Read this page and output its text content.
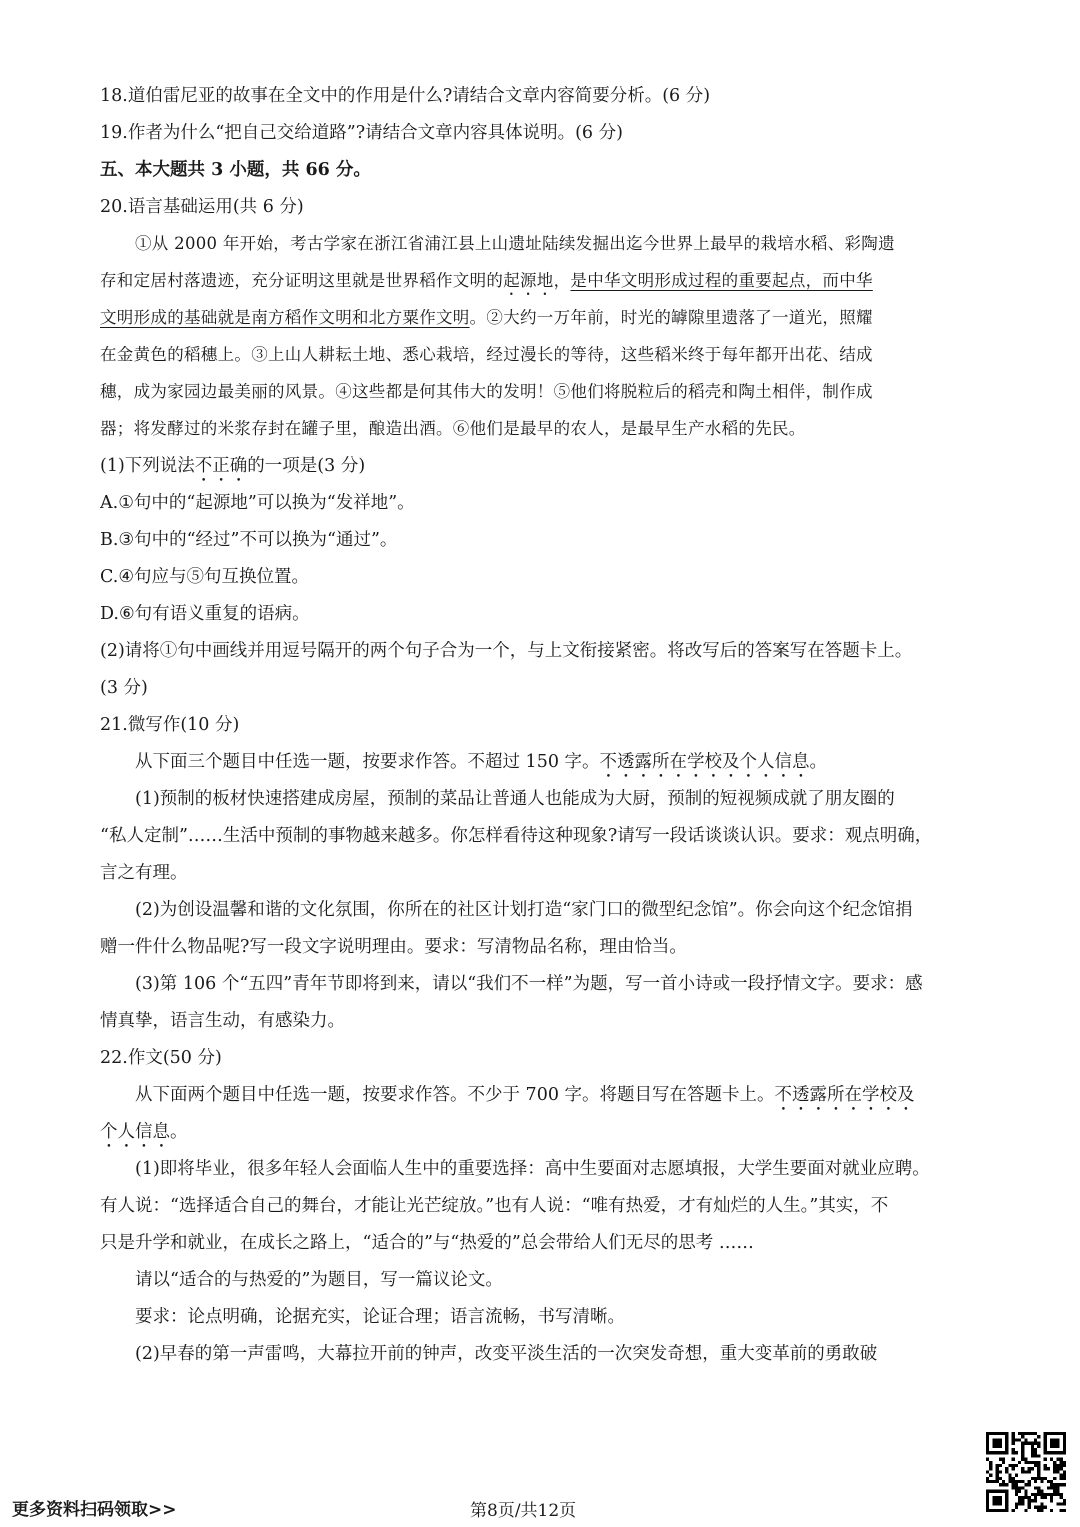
18.道伯雷尼亚的故事在全文中的作用是什么?请结合文章内容简要分析。(6 分)
19.作者为什么“把自己交给道路”?请结合文章内容具体说明。(6 分)
五、本大题共 3 小题，共 66 分。
20.语言基础运用(共 6 分)
①从 2000 年开始，考古学家在浙江省浦江县上山遗址陆续发掘出迄今世界上最早的栽培水稻、彩陶遗
存和定居村落遗迹，充分证明这里就是世界稻作文明的起源地，是中华文明形成过程的重要起点，而中华
文明形成的基础就是南方稻作文明和北方粟作文明。②大约一万年前，时光的罅隙里遗落了一道光，照耀
在金黄色的稻穗上。③上山人耕耘土地、悉心栽培，经过漫长的等待，这些稻米终于每年都开出花、结成
穗，成为家园边最美丽的风景。④这些都是何其伟大的发明！⑤他们将脱粒后的稻壳和陶土相伴，制作成
器；将发酵过的米浆存封在罐子里，酿造出酒。⑥他们是最早的农人，是最早生产水稻的先民。
(1)下列说法不正确的一项是(3 分)
A.①句中的“起源地”可以换为“发祥地”。
B.③句中的“经过”不可以换为“通过”。
C.④句应与⑤句互换位置。
D.⑥句有语义重复的语病。
(2)请将①句中画线并用逗号隔开的两个句子合为一个，与上文衔接紧密。将改写后的答案写在答题卡上。
(3 分)
21.微写作(10 分)
从下面三个题目中任选一题，按要求作答。不超过 150 字。不透露所在学校及个人信息。
(1)预制的板材快速搭建成房屋，预制的菜品让普通人也能成为大厨，预制的短视频成就了朋友圈的
“私人定制”……生活中预制的事物越来越多。你怎样看待这种现象?请写一段话谈谈认识。要求：观点明确，
言之有理。
(2)为创设温馨和谐的文化氛围，你所在的社区计划打造“家门口的微型纪念馆”。你会向这个纪念馆捐
赠一件什么物品呢?写一段文字说明理由。要求：写清物品名称，理由恰当。
(3)第 106 个“五四”青年节即将到来，请以“我们不一样”为题，写一首小诗或一段抒情文字。要求：感
情真挚，语言生动，有感染力。
22.作文(50 分)
从下面两个题目中任选一题，按要求作答。不少于 700 字。将题目写在答题卡上。不透露所在学校及
个人信息。
(1)即将毕业，很多年轻人会面临人生中的重要选择：高中生要面对志愿填报，大学生要面对就业应聘。
有人说：“选择适合自己的舞台，才能让光芒绽放。”也有人说：“唯有热爱，才有灿烂的人生。”其实，不
只是升学和就业，在成长之路上，“适合的”与“热爱的”总会带给人们无尽的思考 ……
请以“适合的与热爱的”为题目，写一篇议论文。
要求：论点明确，论据充实，论证合理；语言流畅，书写清晰。
(2)早春的第一声雷鸣，大幕拉开前的钟声，改变平淡生活的一次突发奇想，重大变革前的勇敢破
更多资料扫码领取>>	第8页/共12页
